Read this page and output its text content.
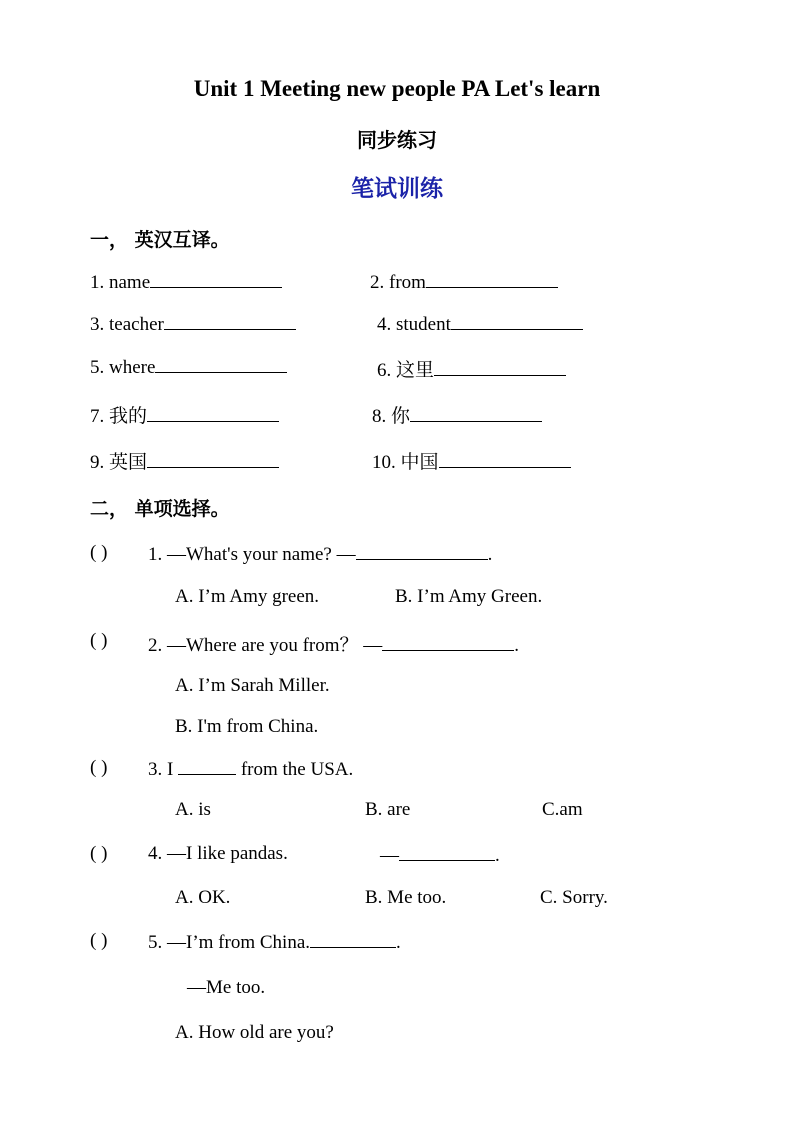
Unit 1 Meeting new people PA Let's learn
同步练习
笔试训练
一， 英汉互译。
1. name	2. from
3. teacher	4. student
5. where	6. 这里
7. 我的	8. 你
9. 英国	10. 中国
二， 单项选择。
( ) 1. —What's your name? —	.
A. I’m Amy green.	B. I’m Amy Green.
( ) 2. —Where are you from？ —	.
A. I’m Sarah Miller.
B. I'm from China.
( ) 3. I	from the USA.
A. is	B. are	C.am
( ) 4. —I like pandas.	—	.
A. OK.	B. Me too.	C. Sorry.
( ) 5. —I’m from China.	.
—Me too.
A. How old are you?
